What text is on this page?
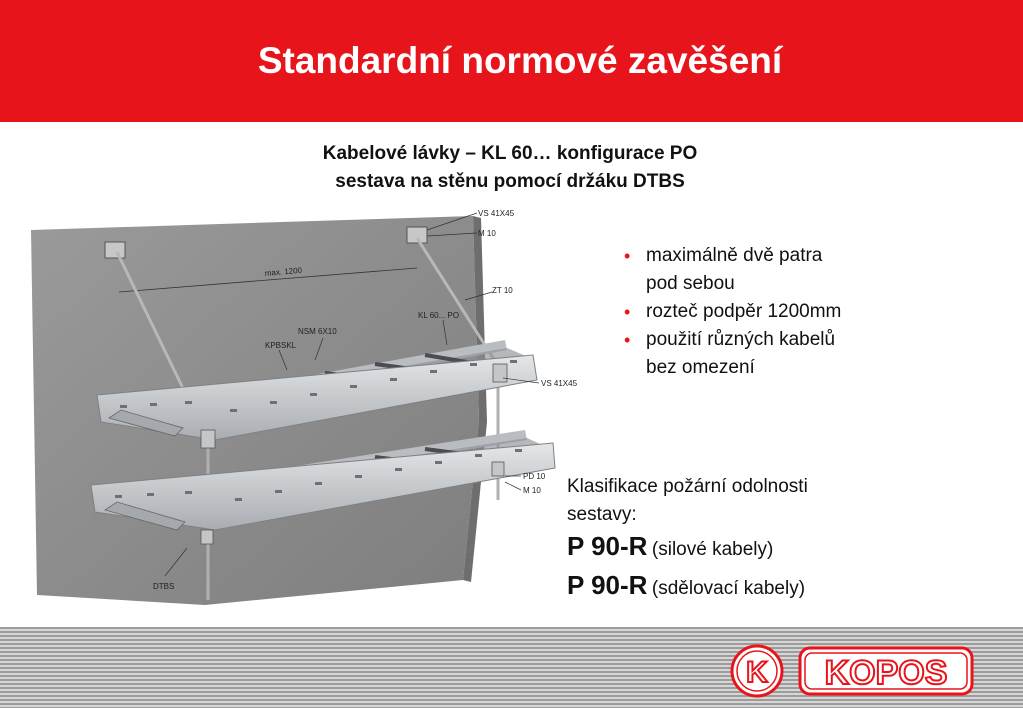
Standardní normové zavěšení
Kabelové lávky – KL 60… konfigurace PO
sestava na stěnu pomocí držáku DTBS
VS 41X45
M 10
max. 1200
ZT 10
KL 60... PO
NSM 6X10
KPBSKL
VS 41X45
PD 10
M 10
DTBS
• maximálně dvě patra
pod sebou
• rozteč podpěr 1200mm
• použití různých kabelů
bez omezení
Klasifikace požární odolnosti
sestavy:
P 90-R (silové kabely)
P 90-R (sdělovací kabely)
K KOPOS
